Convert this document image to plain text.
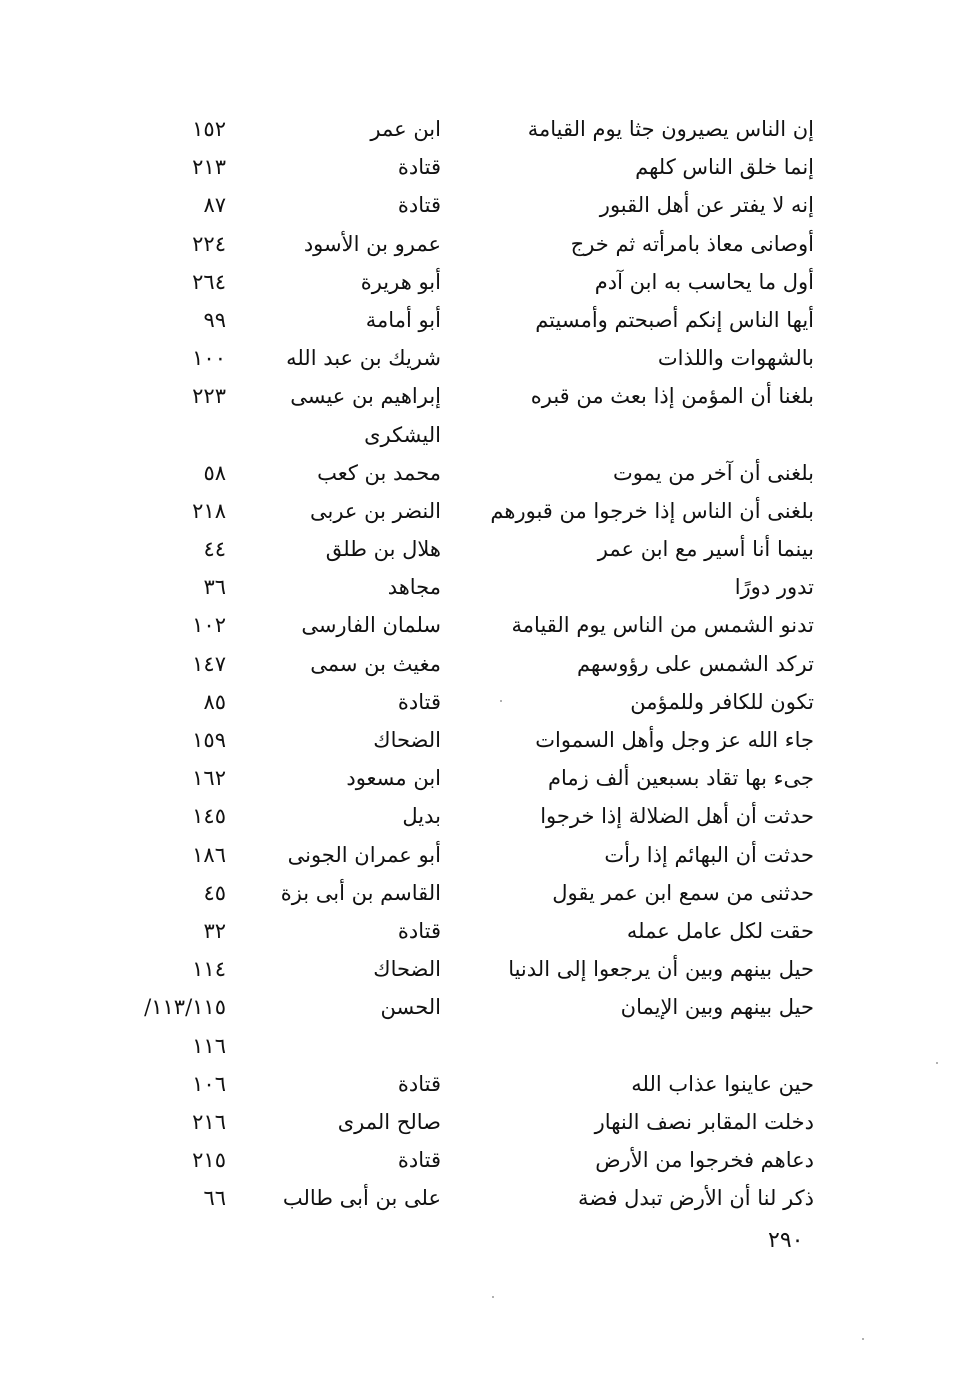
إن الناس يصيرون جثا يوم القيامة
ابن عمر
١٥٢
إنما خلق الناس كلهم
قتادة
٢١٣
إنه لا يفتر عن أهل القبور
قتادة
٨٧
أوصانى معاذ بامرأته ثم خرج
عمرو بن الأسود
٢٢٤
أول ما يحاسب به ابن آدم
أبو هريرة
٢٦٤
أيها الناس إنكم أصبحتم وأمسيتم
أبو أمامة
٩٩
بالشهوات واللذات
شريك بن عبد الله
١٠٠
بلغنا أن المؤمن إذا بعث من قبره
إبراهيم بن عيسى
٢٢٣
اليشكرى
بلغنى أن آخر من يموت
محمد بن كعب
٥٨
بلغنى أن الناس إذا خرجوا من قبورهم
النضر بن عربى
٢١٨
بينما أنا أسير مع ابن عمر
هلال بن طلق
٤٤
تدور دورًا
مجاهد
٣٦
تدنو الشمس من الناس يوم القيامة
سلمان الفارسى
١٠٢
تركد الشمس على رؤوسهم
مغيث بن سمى
١٤٧
تكون للكافر وللمؤمن
قتادة
٨٥
جاء الله عز وجل وأهل السموات
الضحاك
١٥٩
جىء بها تقاد بسبعين ألف زمام
ابن مسعود
١٦٢
حدثت أن أهل الضلالة إذا خرجوا
بديل
١٤٥
حدثت أن البهائم إذا رأت
أبو عمران الجونى
١٨٦
حدثنى من سمع ابن عمر يقول
القاسم بن أبى بزة
٤٥
حقت لكل عامل عمله
قتادة
٣٢
حيل بينهم وبين أن يرجعوا إلى الدنيا
الضحاك
١١٤
حيل بينهم وبين الإيمان
الحسن
١١٣/١١٥/
١١٦
حين عاينوا عذاب الله
قتادة
١٠٦
دخلت المقابر نصف النهار
صالح المرى
٢١٦
دعاهم فخرجوا من الأرض
قتادة
٢١٥
ذكر لنا أن الأرض تبدل فضة
على بن أبى طالب
٦٦
٢٩٠
